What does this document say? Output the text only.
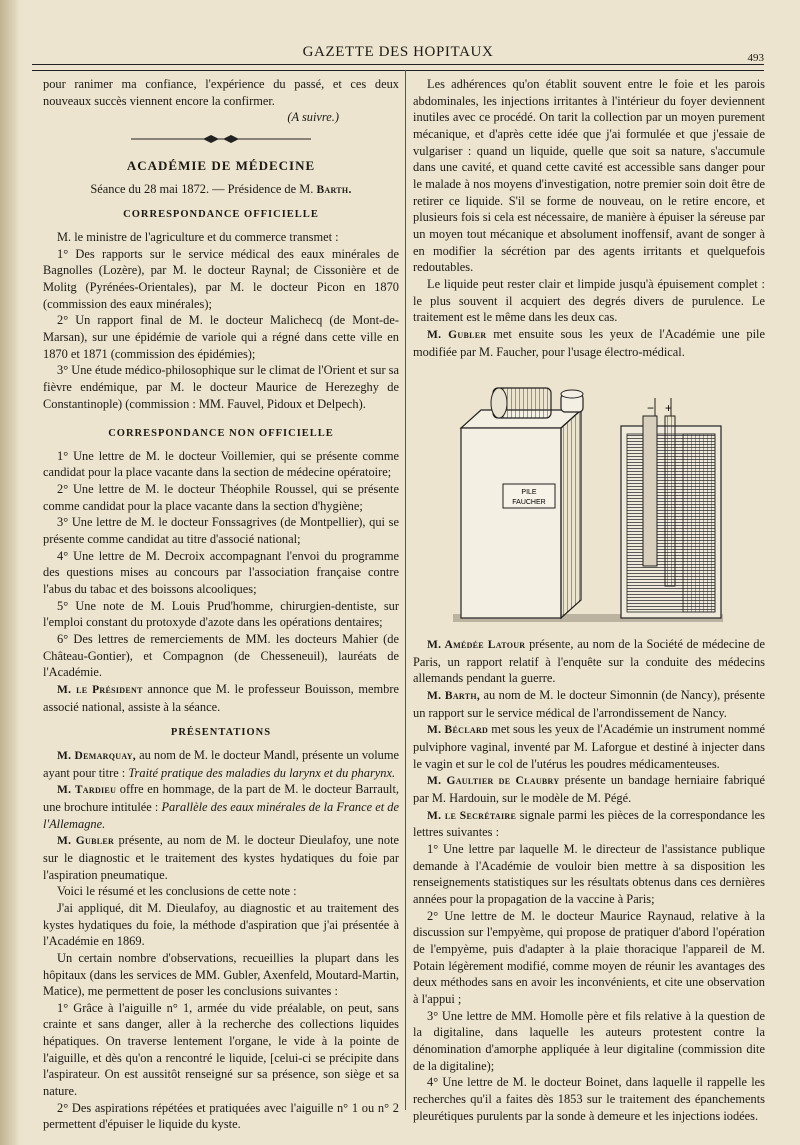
GAZETTE DES HOPITAUX	493

pour ranimer ma confiance, l'expérience du passé, et ces deux nouveaux succès viennent encore la confirmer.

(A suivre.)

ACADÉMIE DE MÉDECINE

Séance du 28 mai 1872. — Présidence de M. Barth.

CORRESPONDANCE OFFICIELLE

M. le ministre de l'agriculture et du commerce transmet :

1° Des rapports sur le service médical des eaux minérales de Bagnolles (Lozère), par M. le docteur Raynal; de Cissonière et de Molitg (Pyrénées-Orientales), par M. le docteur Picon en 1870 (commission des eaux minérales);

2° Un rapport final de M. le docteur Malichecq (de Mont-de-Marsan), sur une épidémie de variole qui a régné dans cette ville en 1870 et 1871 (commission des épidémies);

3° Une étude médico-philosophique sur le climat de l'Orient et sur sa fièvre endémique, par M. le docteur Maurice de Herezeghy de Constantinople) (commission : MM. Fauvel, Pidoux et Delpech).

CORRESPONDANCE NON OFFICIELLE

1° Une lettre de M. le docteur Voillemier, qui se présente comme candidat pour la place vacante dans la section de médecine opératoire;

2° Une lettre de M. le docteur Théophile Roussel, qui se présente comme candidat pour la place vacante dans la section d'hygiène;

3° Une lettre de M. le docteur Fonssagrives (de Montpellier), qui se présente comme candidat au titre d'associé national;

4° Une lettre de M. Decroix accompagnant l'envoi du programme des questions mises au concours par l'association française contre l'abus du tabac et des boissons alcooliques;

5° Une note de M. Louis Prud'homme, chirurgien-dentiste, sur l'emploi constant du protoxyde d'azote dans les opérations dentaires;

6° Des lettres de remerciements de MM. les docteurs Mahier (de Château-Gontier), et Compagnon (de Chesseneuil), lauréats de l'Académie.

M. le Président annonce que M. le professeur Bouisson, membre associé national, assiste à la séance.

PRÉSENTATIONS

M. Demarquay, au nom de M. le docteur Mandl, présente un volume ayant pour titre : Traité pratique des maladies du larynx et du pharynx.

M. Tardieu offre en hommage, de la part de M. le docteur Barrault, une brochure intitulée : Parallèle des eaux minérales de la France et de l'Allemagne.

M. Gubler présente, au nom de M. le docteur Dieulafoy, une note sur le diagnostic et le traitement des kystes hydatiques du foie par l'aspiration pneumatique.

Voici le résumé et les conclusions de cette note :

J'ai appliqué, dit M. Dieulafoy, au diagnostic et au traitement des kystes hydatiques du foie, la méthode d'aspiration que j'ai présentée à l'Académie en 1869.

Un certain nombre d'observations, recueillies la plupart dans les hôpitaux (dans les services de MM. Gubler, Axenfeld, Moutard-Martin, Matice), me permettent de poser les conclusions suivantes :

1° Grâce à l'aiguille n° 1, armée du vide préalable, on peut, sans crainte et sans danger, aller à la recherche des collections liquides hépatiques. On traverse lentement l'organe, le vide à la pointe de l'aiguille, et dès qu'on a rencontré le liquide, [celui-ci se précipite dans l'aspirateur. On est aussitôt renseigné sur sa présence, son siège et sa nature.

2° Des aspirations répétées et pratiquées avec l'aiguille n° 1 ou n° 2 permettent d'épuiser le liquide du kyste.

Les adhérences qu'on établit souvent entre le foie et les parois abdominales, les injections irritantes à l'intérieur du foyer deviennent inutiles avec ce procédé. On tarit la collection par un moyen purement mécanique, et d'après cette idée que j'ai formulée et que j'essaie de vulgariser : quand un liquide, quelle que soit sa nature, s'accumule dans une cavité, et quand cette cavité est accessible sans danger pour le malade à nos moyens d'investigation, notre premier soin doit être de retirer ce liquide. S'il se forme de nouveau, on le retire encore, et plusieurs fois si cela est nécessaire, de manière à épuiser la séreuse par un moyen tout mécanique et absolument inoffensif, avant de songer à en modifier la sécrétion par des agents irritants et quelquefois redoutables.

Le liquide peut rester clair et limpide jusqu'à épuisement complet : le plus souvent il acquiert des degrés divers de purulence. Le traitement est le même dans les deux cas.

M. Gubler met ensuite sous les yeux de l'Académie une pile modifiée par M. Faucher, pour l'usage électro-médical.

PILE
FAUCHER
− +

M. Amédée Latour présente, au nom de la Société de médecine de Paris, un rapport relatif à l'enquête sur la conduite des médecins allemands pendant la guerre.

M. Barth, au nom de M. le docteur Simonnin (de Nancy), présente un rapport sur le service médical de l'arrondissement de Nancy.

M. Béclard met sous les yeux de l'Académie un instrument nommé pulviphore vaginal, inventé par M. Laforgue et destiné à injecter dans le vagin et sur le col de l'utérus les poudres médicamenteuses.

M. Gaultier de Claubry présente un bandage herniaire fabriqué par M. Hardouin, sur le modèle de M. Pégé.

M. le Secrétaire signale parmi les pièces de la correspondance les lettres suivantes :

1° Une lettre par laquelle M. le directeur de l'assistance publique demande à l'Académie de vouloir bien mettre à sa disposition les renseignements statistiques sur les résultats obtenus dans ces dernières années pour la propagation de la vaccine à Paris;

2° Une lettre de M. le docteur Maurice Raynaud, relative à la discussion sur l'empyème, qui propose de pratiquer d'abord l'opération de l'empyème, puis d'adapter à la plaie thoracique l'appareil de M. Potain légèrement modifié, comme moyen de réunir les avantages des deux méthodes sans en avoir les inconvénients, et cite une observation à l'appui ;

3° Une lettre de MM. Homolle père et fils relative à la question de la digitaline, dans laquelle les auteurs protestent contre la dénomination d'amorphe appliquée à leur digitaline (commission dite de la digitaline);

4° Une lettre de M. le docteur Boinet, dans laquelle il rappelle les recherches qu'il a faites dès 1853 sur le traitement des épanchements pleurétiques purulents par la sonde à demeure et les injections iodées.
